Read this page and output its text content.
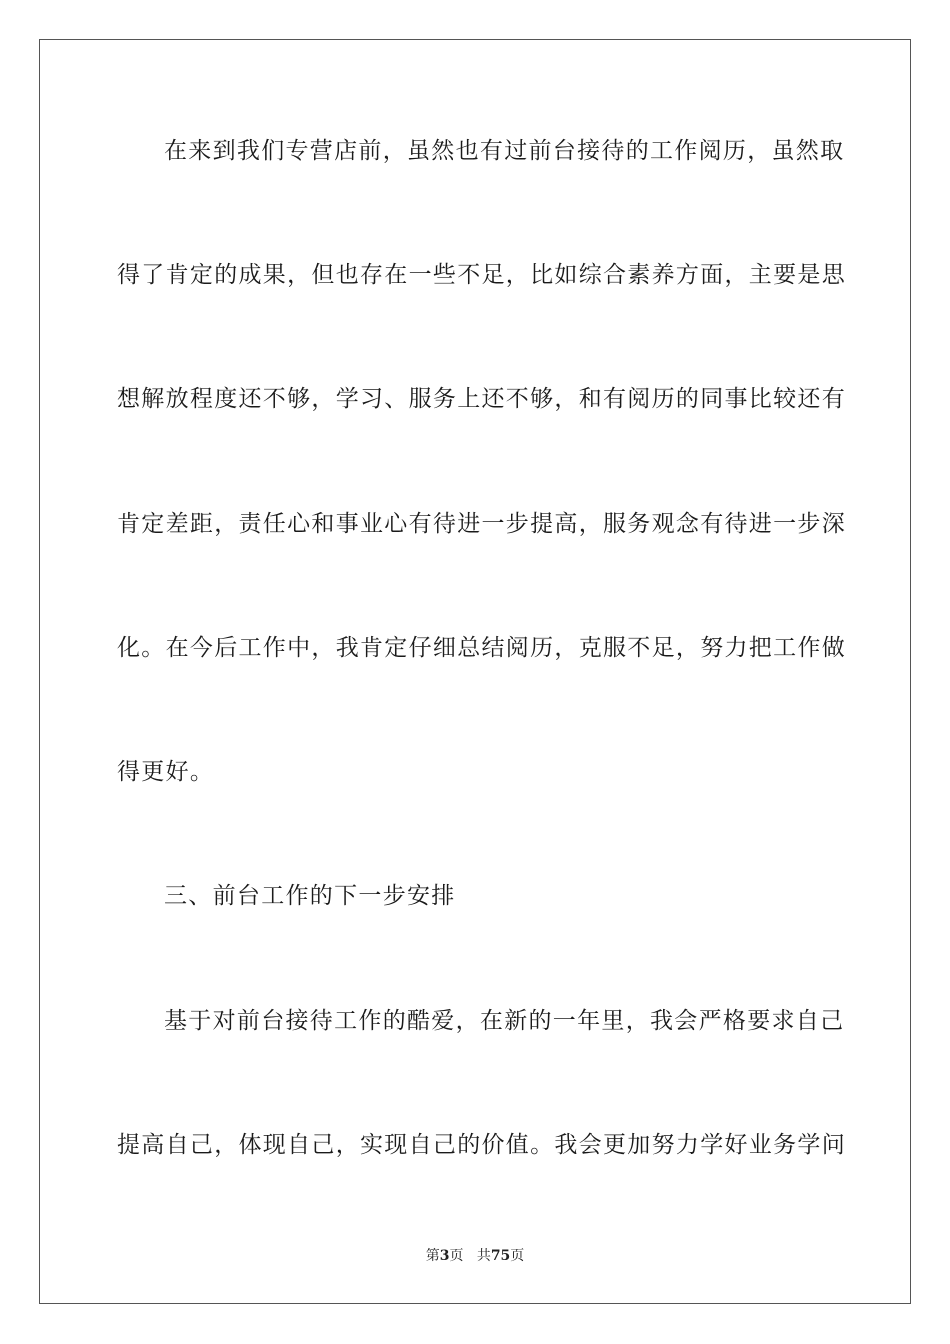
在来到我们专营店前，虽然也有过前台接待的工作阅历，虽然取
得了肯定的成果，但也存在一些不足，比如综合素养方面，主要是思
想解放程度还不够，学习、服务上还不够，和有阅历的同事比较还有
肯定差距，责任心和事业心有待进一步提高，服务观念有待进一步深
化。在今后工作中，我肯定仔细总结阅历，克服不足，努力把工作做
得更好。
三、前台工作的下一步安排
基于对前台接待工作的酷爱，在新的一年里，我会严格要求自己
提高自己，体现自己，实现自己的价值。我会更加努力学好业务学问
第3页 共75页
